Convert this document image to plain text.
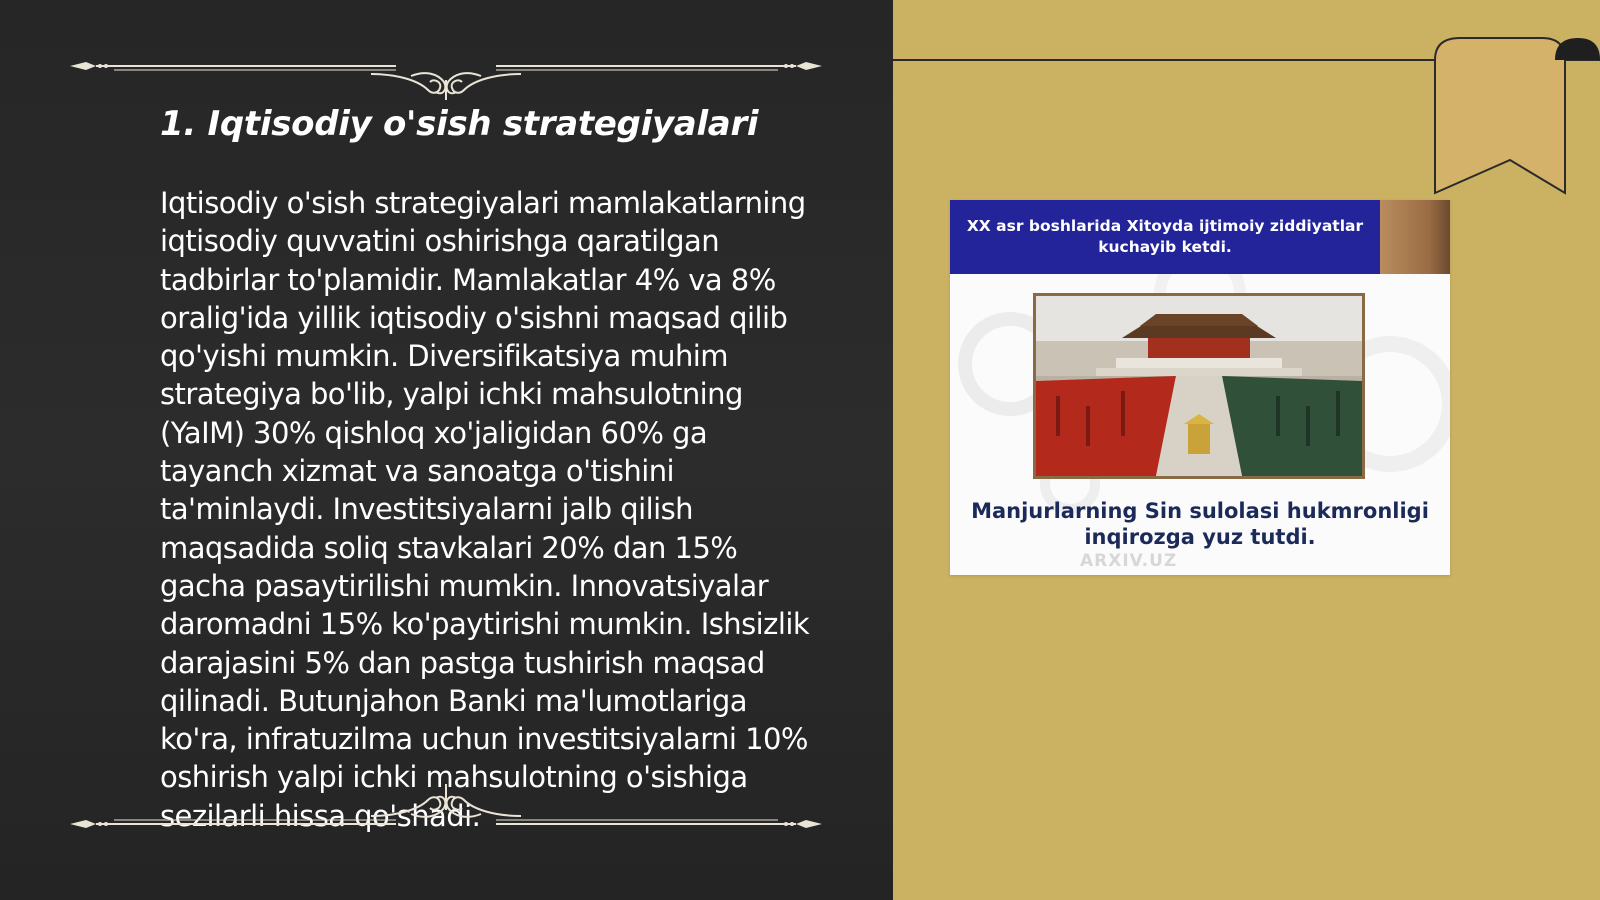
1. Iqtisodiy o'sish strategiyalari

Iqtisodiy o'sish strategiyalari mamlakatlarning iqtisodiy quvvatini oshirishga qaratilgan tadbirlar to'plamidir. Mamlakatlar 4% va 8% oralig'ida yillik iqtisodiy o'sishni maqsad qilib qo'yishi mumkin. Diversifikatsiya muhim strategiya bo'lib, yalpi ichki mahsulotning (YaIM) 30% qishloq xo'jaligidan 60% ga tayanch xizmat va sanoatga o'tishini ta'minlaydi. Investitsiyalarni jalb qilish maqsadida soliq stavkalari 20% dan 15% gacha pasaytirilishi mumkin. Innovatsiyalar daromadni 15% ko'paytirishi mumkin. Ishsizlik darajasini 5% dan pastga tushirish maqsad qilinadi. Butunjahon Banki ma'lumotlariga ko'ra, infratuzilma uchun investitsiyalarni 10% oshirish yalpi ichki mahsulotning o'sishiga sezilarli hissa qo'shadi.

XX asr boshlarida Xitoyda ijtimoiy ziddiyatlar kuchayib ketdi.
Manjurlarning Sin sulolasi hukmronligi inqirozga yuz tutdi.
ARXIV.UZ
